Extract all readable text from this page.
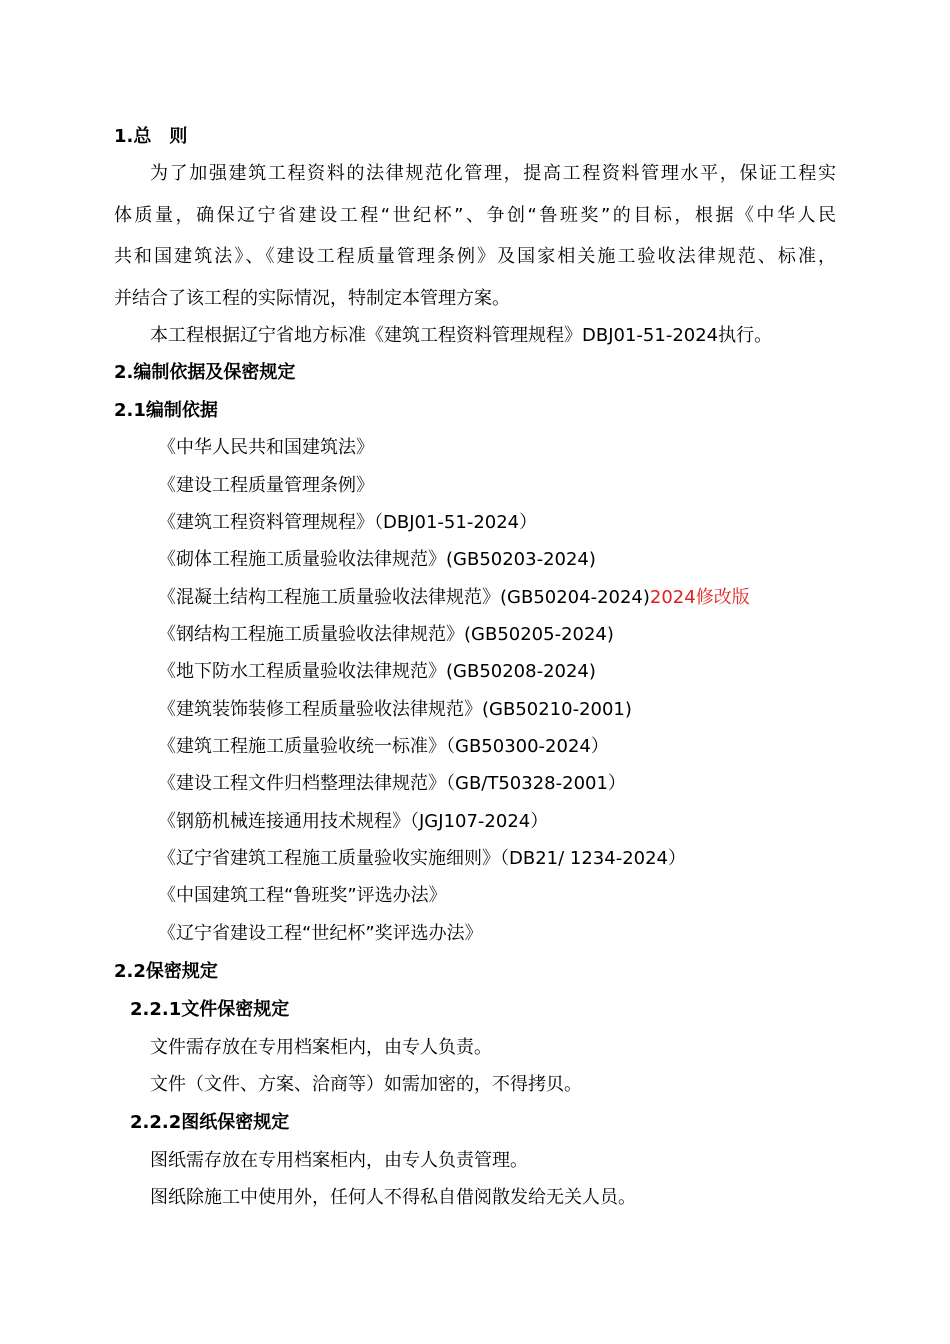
1.总　则
为了加强建筑工程资料的法律规范化管理，提高工程资料管理水平，保证工程实
体质量，确保辽宁省建设工程“世纪杯”、争创“鲁班奖”的目标，根据《中华人民
共和国建筑法》、《建设工程质量管理条例》及国家相关施工验收法律规范、标准，
并结合了该工程的实际情况，特制定本管理方案。
本工程根据辽宁省地方标准《建筑工程资料管理规程》DBJ01-51-2024执行。
2.编制依据及保密规定
2.1编制依据
《中华人民共和国建筑法》
《建设工程质量管理条例》
《建筑工程资料管理规程》（DBJ01-51-2024）
《砌体工程施工质量验收法律规范》(GB50203-2024)
《混凝土结构工程施工质量验收法律规范》(GB50204-2024)2024修改版
《钢结构工程施工质量验收法律规范》(GB50205-2024)
《地下防水工程质量验收法律规范》(GB50208-2024)
《建筑装饰装修工程质量验收法律规范》(GB50210-2001)
《建筑工程施工质量验收统一标准》（GB50300-2024）
《建设工程文件归档整理法律规范》（GB/T50328-2001）
《钢筋机械连接通用技术规程》（JGJ107-2024）
《辽宁省建筑工程施工质量验收实施细则》（DB21/ 1234-2024）
《中国建筑工程“鲁班奖”评选办法》
《辽宁省建设工程“世纪杯”奖评选办法》
2.2保密规定
2.2.1文件保密规定
文件需存放在专用档案柜内，由专人负责。
文件（文件、方案、洽商等）如需加密的，不得拷贝。
2.2.2图纸保密规定
图纸需存放在专用档案柜内，由专人负责管理。
图纸除施工中使用外，任何人不得私自借阅散发给无关人员。
